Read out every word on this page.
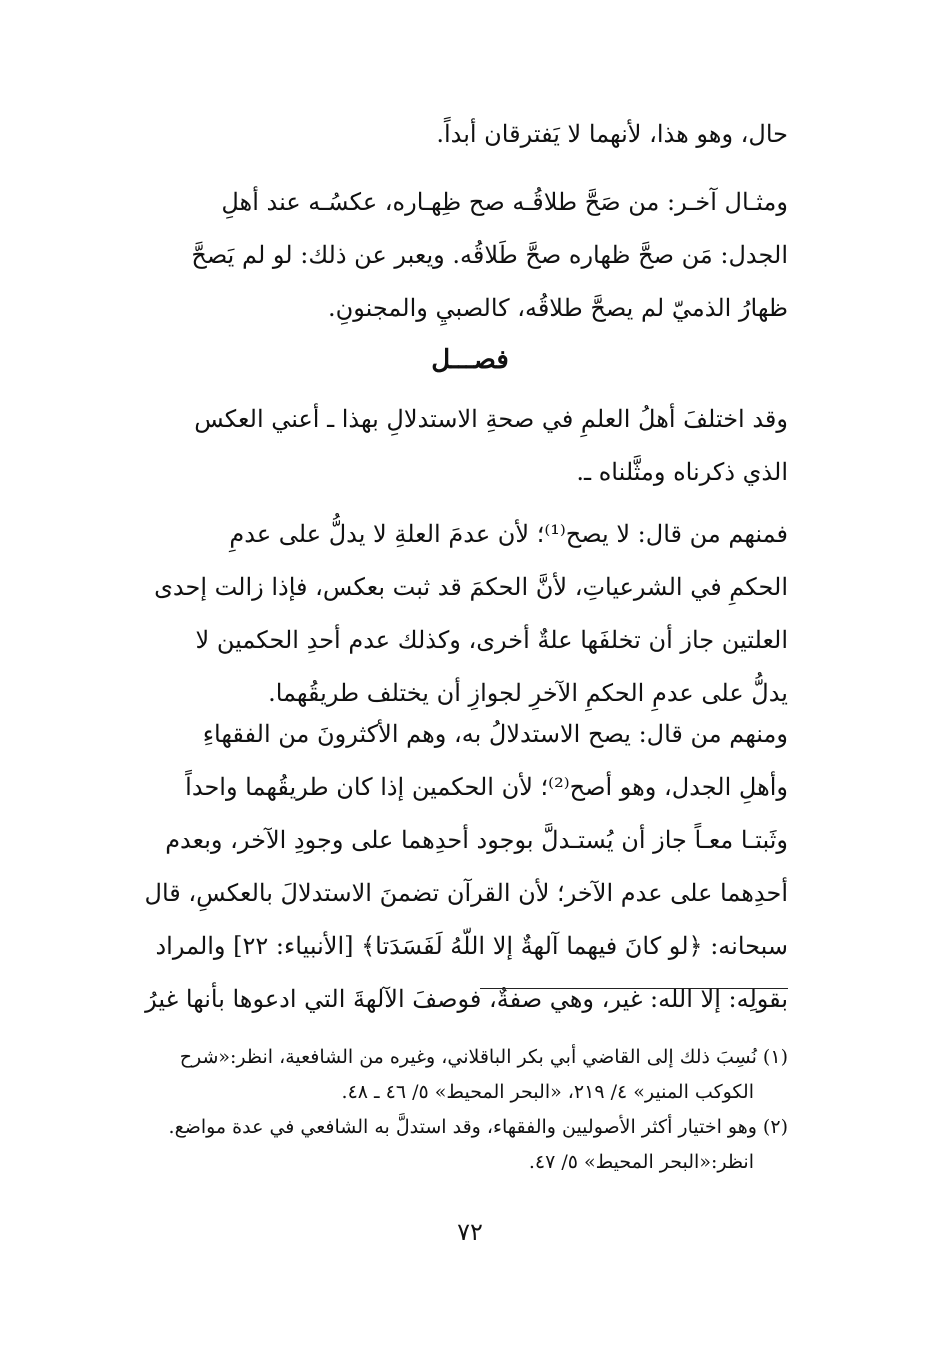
حال، وهو هذا، لأنهما لا يَفترقان أبداً.
ومثـال آخـر: من صَحَّ طلاقُـه صح ظِهـاره، عكسُـه عند أهلِ
الجدل: مَن صحَّ ظهاره صحَّ طَلاقُه. ويعبر عن ذلك: لو لم يَصحَّ
ظهارُ الذميّ لم يصحَّ طلاقُه، كالصبيِ والمجنونِ.
فصـــل
وقد اختلفَ أهلُ العلمِ في صحةِ الاستدلالِ بهذا ـ أعني العكس
الذي ذكرناه ومثَّلناه ـ.
فمنهم من قال: لا يصح⁽¹⁾؛ لأن عدمَ العلةِ لا يدلُّ على عدمِ
الحكمِ في الشرعياتِ، لأنَّ الحكمَ قد ثبت بعكس، فإذا زالت إحدى
العلتين جاز أن تخلفَها علةٌ أخرى، وكذلك عدم أحدِ الحكمين لا
يدلُّ على عدمِ الحكمِ الآخرِ لجوازِ أن يختلف طريقُهما.
ومنهم من قال: يصح الاستدلالُ به، وهم الأكثرونَ من الفقهاءِ
وأهلِ الجدل، وهو أصح⁽²⁾؛ لأن الحكمين إذا كان طريقُهما واحداً
وثَبتـا معـاً جاز أن يُستـدلَّ بوجود أحدِهما على وجودِ الآخر، وبعدم
أحدِهما على عدم الآخر؛ لأن القرآن تضمنَ الاستدلالَ بالعكسِ، قال
سبحانه: ﴿لو كانَ فيهما آلهةٌ إلا اللّهُ لَفَسَدَتا﴾ [الأنبياء: ٢٢] والمراد
بقولِه: إلا الله: غير، وهي صفةٌ، فوصفَ الآلهةَ التي ادعوها بأنها غيرُ
(١) نُسِبَ ذلك إلى القاضي أبي بكر الباقلاني، وغيره من الشافعية، انظر:«شرح
الكوكب المنير» ٤/ ٢١٩، «البحر المحيط» ٥/ ٤٦ ـ ٤٨.
(٢) وهو اختيار أكثر الأصوليين والفقهاء، وقد استدلَّ به الشافعي في عدة مواضع.
انظر:«البحر المحيط» ٥/ ٤٧.
٧٢
